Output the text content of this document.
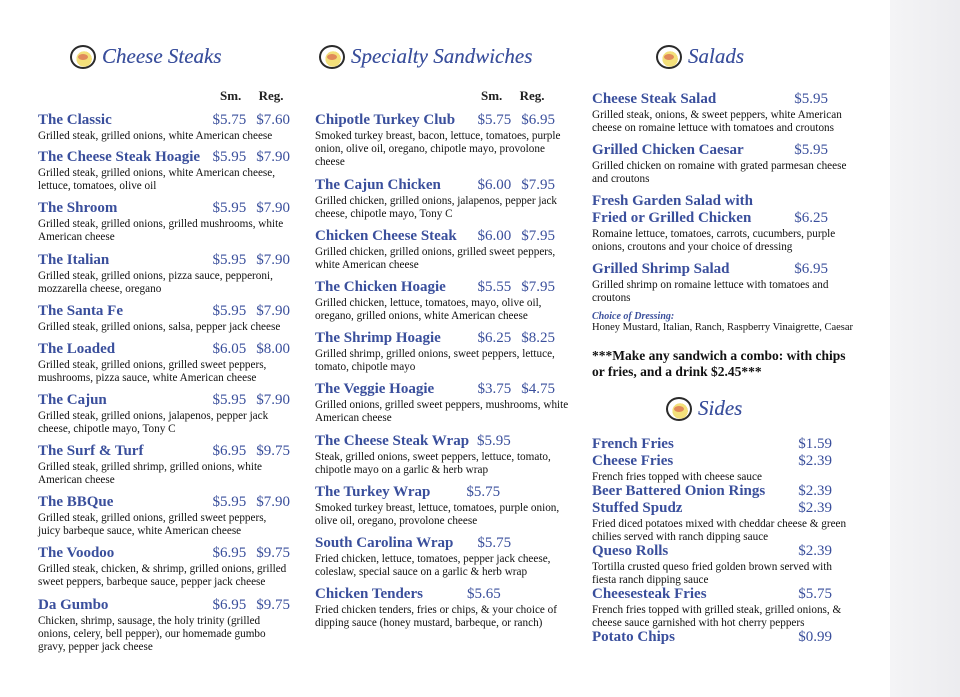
Cheese Steaks
Sm. Reg.
The Classic	$5.75 $7.60
Grilled steak, grilled onions, white American cheese
The Cheese Steak Hoagie $5.95 $7.90
Grilled steak, grilled onions, white American cheese, lettuce, tomatoes, olive oil
The Shroom	$5.95 $7.90
Grilled steak, grilled onions, grilled mushrooms, white American cheese
The Italian	$5.95 $7.90
Grilled steak, grilled onions, pizza sauce, pepperoni, mozzarella cheese, oregano
The Santa Fe	$5.95 $7.90
Grilled steak, grilled onions, salsa, pepper jack cheese
The Loaded	$6.05 $8.00
Grilled steak, grilled onions, grilled sweet peppers, mushrooms, pizza sauce, white American cheese
The Cajun	$5.95 $7.90
Grilled steak, grilled onions, jalapenos, pepper jack cheese, chipotle mayo, Tony C
The Surf & Turf	$6.95 $9.75
Grilled steak, grilled shrimp, grilled onions, white American cheese
The BBQue	$5.95 $7.90
Grilled steak, grilled onions, grilled sweet peppers, juicy barbeque sauce, white American cheese
The Voodoo	$6.95 $9.75
Grilled steak, chicken, & shrimp, grilled onions, grilled sweet peppers, barbeque sauce, pepper jack cheese
Da Gumbo	$6.95 $9.75
Chicken, shrimp, sausage, the holy trinity (grilled onions, celery, bell pepper), our homemade gumbo gravy, pepper jack cheese
Specialty Sandwiches
Sm. Reg.
Chipotle Turkey Club $5.75 $6.95
Smoked turkey breast, bacon, lettuce, tomatoes, purple onion, olive oil, oregano, chipotle mayo, provolone cheese
The Cajun Chicken $6.00 $7.95
Grilled chicken, grilled onions, jalapenos, pepper jack cheese, chipotle mayo, Tony C
Chicken Cheese Steak $6.00 $7.95
Grilled chicken, grilled onions, grilled sweet peppers, white American cheese
The Chicken Hoagie $5.55 $7.95
Grilled chicken, lettuce, tomatoes, mayo, olive oil, oregano, grilled onions, white American cheese
The Shrimp Hoagie $6.25 $8.25
Grilled shrimp, grilled onions, sweet peppers, lettuce, tomato, chipotle mayo
The Veggie Hoagie	$3.75 $4.75
Grilled onions, grilled sweet peppers, mushrooms, white American cheese
The Cheese Steak Wrap $5.95
Steak, grilled onions, sweet peppers, lettuce, tomato, chipotle mayo on a garlic & herb wrap
The Turkey Wrap $5.75
Smoked turkey breast, lettuce, tomatoes, purple onion, olive oil, oregano, provolone cheese
South Carolina Wrap $5.75
Fried chicken, lettuce, tomatoes, pepper jack cheese, coleslaw, special sauce on a garlic & herb wrap
Chicken Tenders	$5.65
Fried chicken tenders, fries or chips, & your choice of dipping sauce (honey mustard, barbeque, or ranch)
Salads
Cheese Steak Salad	$5.95
Grilled steak, onions, & sweet peppers, white American cheese on romaine lettuce with tomatoes and croutons
Grilled Chicken Caesar	$5.95
Grilled chicken on romaine with grated parmesan cheese and croutons
Fresh Garden Salad with
Fried or Grilled Chicken	$6.25
Romaine lettuce, tomatoes, carrots, cucumbers, purple onions, croutons and your choice of dressing
Grilled Shrimp Salad	$6.95
Grilled shrimp on romaine lettuce with tomatoes and croutons
Choice of Dressing:
Honey Mustard, Italian, Ranch, Raspberry Vinaigrette, Caesar
***Make any sandwich a combo: with chips or fries, and a drink $2.45***
Sides
French Fries	$1.59
Cheese Fries	$2.39
French fries topped with cheese sauce
Beer Battered Onion Rings $2.39
Stuffed Spudz	$2.39
Fried diced potatoes mixed with cheddar cheese & green chilies served with ranch dipping sauce
Queso Rolls	$2.39
Tortilla crusted queso fried golden brown served with fiesta ranch dipping sauce
Cheesesteak Fries	$5.75
French fries topped with grilled steak, grilled onions, & cheese sauce garnished with hot cherry peppers
Potato Chips	$0.99
